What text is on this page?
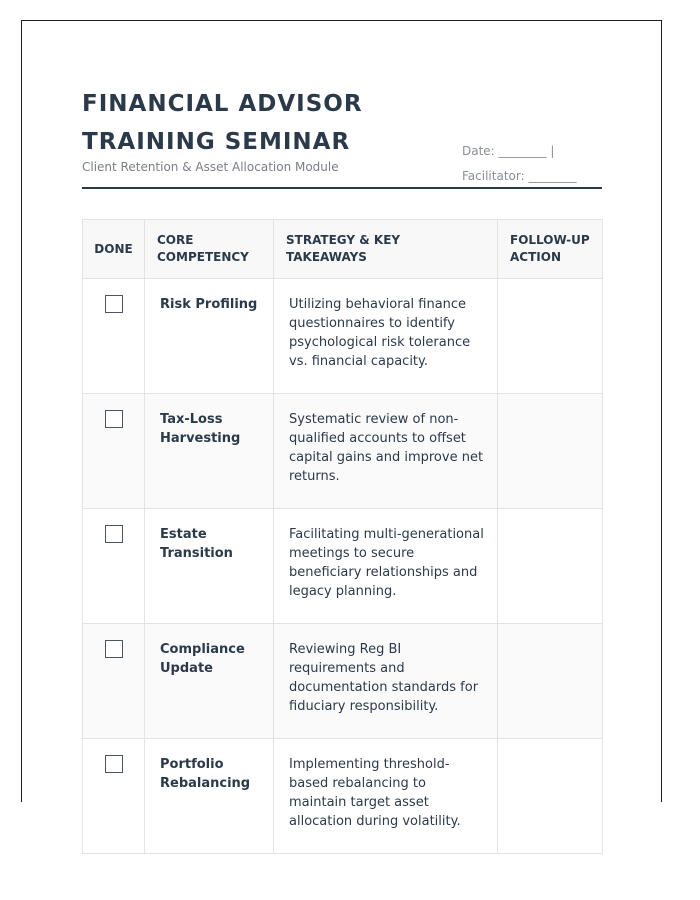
FINANCIAL ADVISOR TRAINING SEMINAR
Client Retention & Asset Allocation Module
Date: ________ | Facilitator: ________
DONE	CORE COMPETENCY	STRATEGY & KEY TAKEAWAYS	FOLLOW-UP ACTION
	Risk Profiling	Utilizing behavioral finance questionnaires to identify psychological risk tolerance vs. financial capacity.	
	Tax-Loss Harvesting	Systematic review of non-qualified accounts to offset capital gains and improve net returns.	
	Estate Transition	Facilitating multi-generational meetings to secure beneficiary relationships and legacy planning.	
	Compliance Update	Reviewing Reg BI requirements and documentation standards for fiduciary responsibility.	
	Portfolio Rebalancing	Implementing threshold-based rebalancing to maintain target asset allocation during volatility.	
